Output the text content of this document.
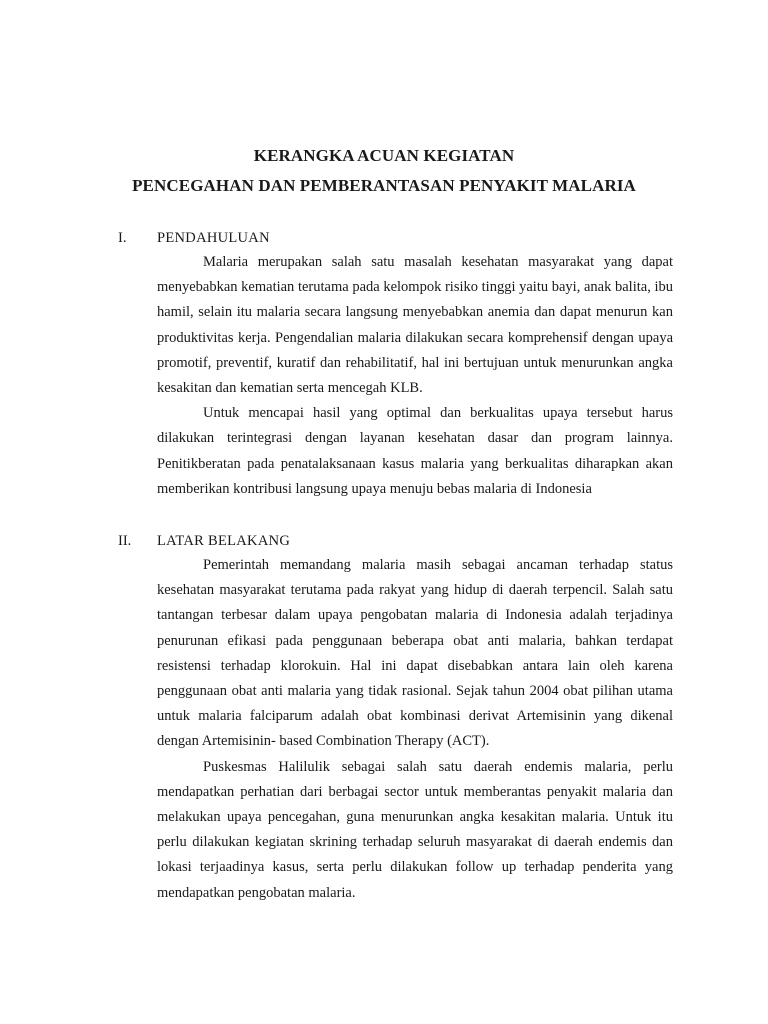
KERANGKA ACUAN KEGIATAN
PENCEGAHAN DAN PEMBERANTASAN PENYAKIT MALARIA
I. PENDAHULUAN

Malaria merupakan salah satu masalah kesehatan masyarakat yang dapat menyebabkan kematian terutama pada kelompok risiko tinggi yaitu bayi, anak balita, ibu hamil, selain itu malaria secara langsung menyebabkan anemia dan dapat menurun kan produktivitas kerja. Pengendalian malaria dilakukan secara komprehensif dengan upaya promotif, preventif, kuratif dan rehabilitatif, hal ini bertujuan untuk menurunkan angka kesakitan dan kematian serta mencegah KLB.

Untuk mencapai hasil yang optimal dan berkualitas upaya tersebut harus dilakukan terintegrasi dengan layanan kesehatan dasar dan program lainnya. Penitikberatan pada penatalaksanaan kasus malaria yang berkualitas diharapkan akan memberikan kontribusi langsung upaya menuju bebas malaria di Indonesia

II. LATAR BELAKANG

Pemerintah memandang malaria masih sebagai ancaman terhadap status kesehatan masyarakat terutama pada rakyat yang hidup di daerah terpencil. Salah satu tantangan terbesar dalam upaya pengobatan malaria di Indonesia adalah terjadinya penurunan efikasi pada penggunaan beberapa obat anti malaria, bahkan terdapat resistensi terhadap klorokuin. Hal ini dapat disebabkan antara lain oleh karena penggunaan obat anti malaria yang tidak rasional. Sejak tahun 2004 obat pilihan utama untuk malaria falciparum adalah obat kombinasi derivat Artemisinin yang dikenal dengan Artemisinin- based Combination Therapy (ACT).

Puskesmas Halilulik sebagai salah satu daerah endemis malaria, perlu mendapatkan perhatian dari berbagai sector untuk memberantas penyakit malaria dan melakukan upaya pencegahan, guna menurunkan angka kesakitan malaria. Untuk itu perlu dilakukan kegiatan skrining terhadap seluruh masyarakat di daerah endemis dan lokasi terjaadinya kasus, serta perlu dilakukan follow up terhadap penderita yang mendapatkan pengobatan malaria.
